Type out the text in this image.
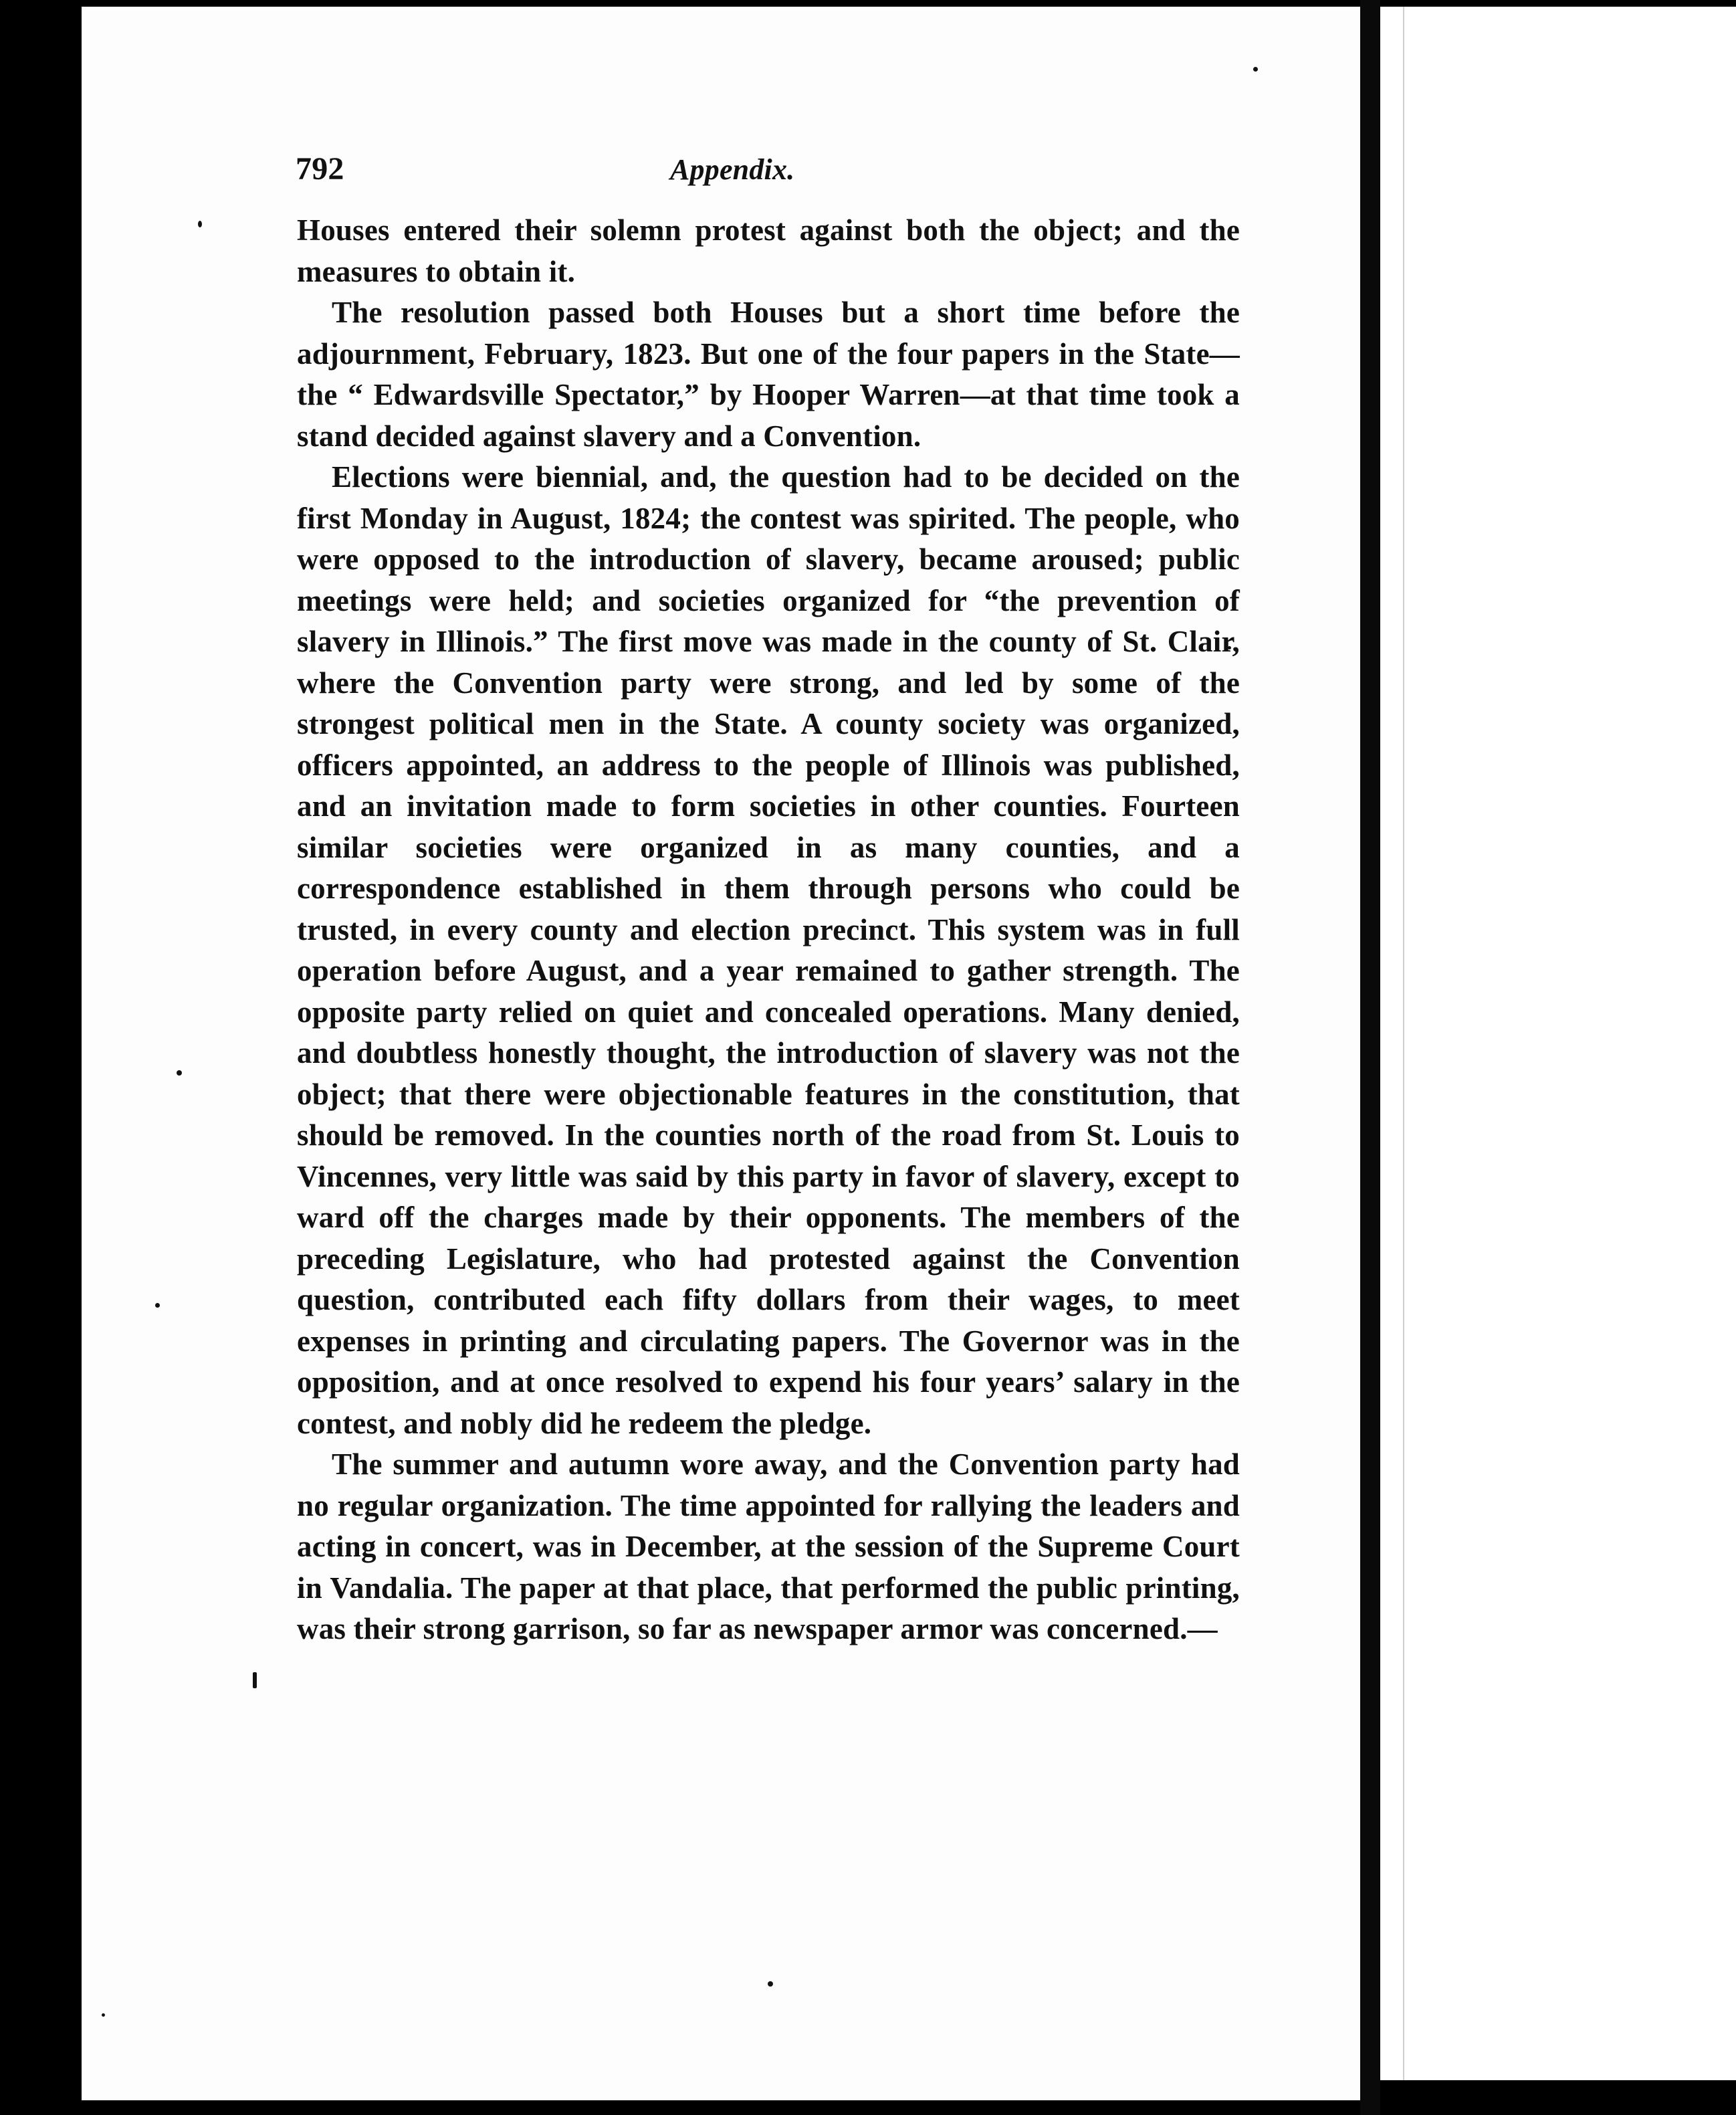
792	Appendix.

Houses entered their solemn protest against both the object; and the measures to obtain it.

The resolution passed both Houses but a short time before the adjournment, February, 1823. But one of the four papers in the State—the “ Edwardsville Spectator,” by Hooper Warren—at that time took a stand decided against slavery and a Convention.

Elections were biennial, and, the question had to be decided on the first Monday in August, 1824; the contest was spirited. The people, who were opposed to the introduction of slavery, became aroused; public meetings were held; and societies organized for “the prevention of slavery in Illinois.” The first move was made in the county of St. Clair, where the Convention party were strong, and led by some of the strongest political men in the State. A county society was organized, officers appointed, an address to the people of Illinois was published, and an invitation made to form societies in other counties. Fourteen similar societies were organized in as many counties, and a correspondence established in them through persons who could be trusted, in every county and election precinct. This system was in full operation before August, and a year remained to gather strength. The opposite party relied on quiet and concealed operations. Many denied, and doubtless honestly thought, the introduction of slavery was not the object; that there were objectionable features in the constitution, that should be removed. In the counties north of the road from St. Louis to Vincennes, very little was said by this party in favor of slavery, except to ward off the charges made by their opponents. The members of the preceding Legislature, who had protested against the Convention question, contributed each fifty dollars from their wages, to meet expenses in printing and circulating papers. The Governor was in the opposition, and at once resolved to expend his four years’ salary in the contest, and nobly did he redeem the pledge.

The summer and autumn wore away, and the Convention party had no regular organization. The time appointed for rallying the leaders and acting in concert, was in December, at the session of the Supreme Court in Vandalia. The paper at that place, that performed the public printing, was their strong garrison, so far as newspaper armor was concerned.—
